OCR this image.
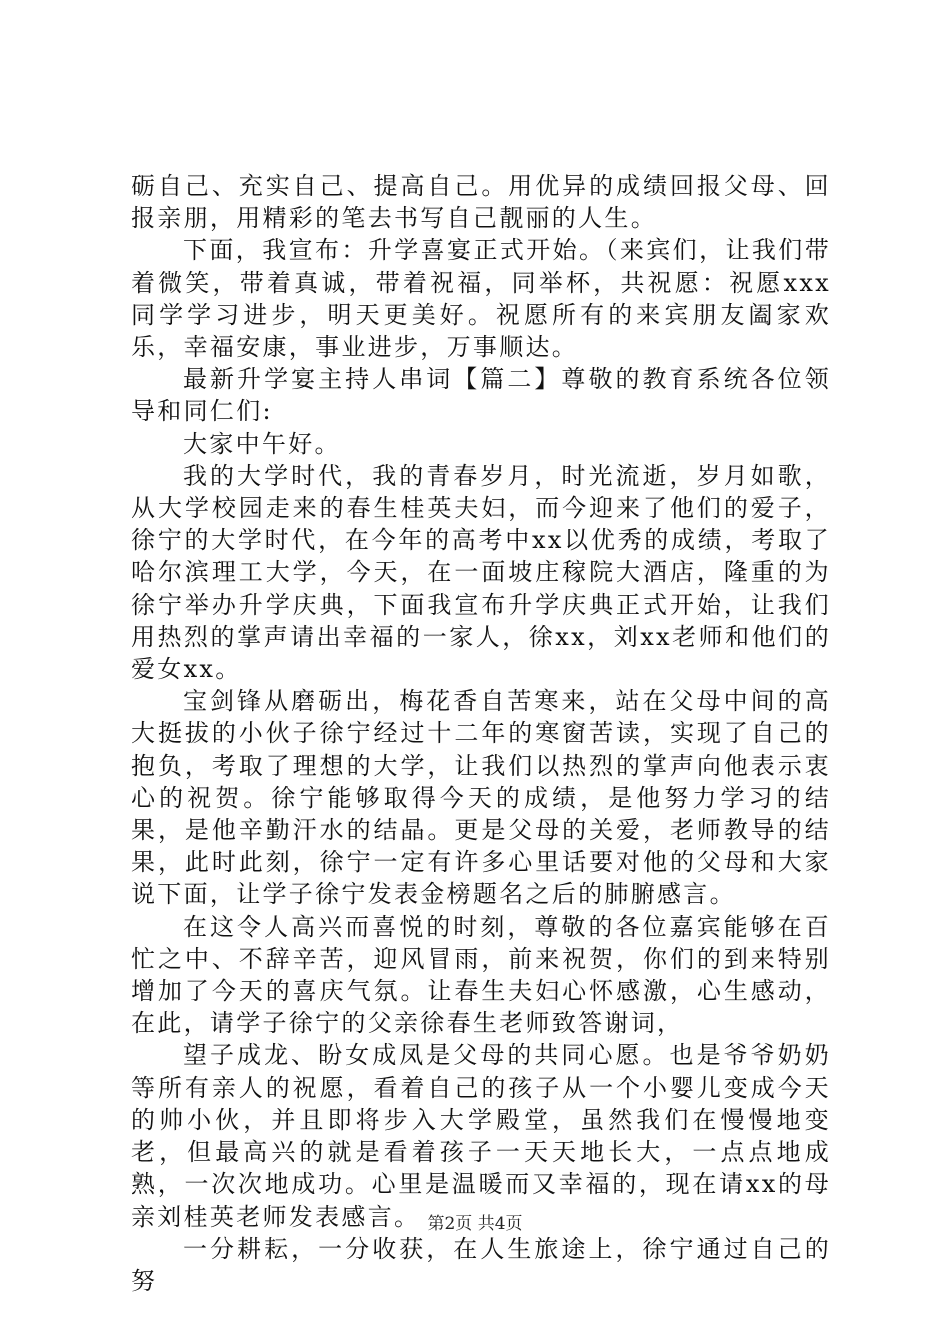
砺自己、充实自己、提高自己。用优异的成绩回报父母、回报亲朋，用精彩的笔去书写自己靓丽的人生。

下面，我宣布：升学喜宴正式开始。（来宾们，让我们带着微笑，带着真诚，带着祝福，同举杯，共祝愿：祝愿xxx同学学习进步，明天更美好。祝愿所有的来宾朋友阖家欢乐，幸福安康，事业进步，万事顺达。

最新升学宴主持人串词【篇二】尊敬的教育系统各位领导和同仁们:

大家中午好。

我的大学时代，我的青春岁月，时光流逝，岁月如歌，从大学校园走来的春生桂英夫妇，而今迎来了他们的爱子，徐宁的大学时代，在今年的高考中xx以优秀的成绩，考取了哈尔滨理工大学，今天，在一面坡庄稼院大酒店，隆重的为徐宁举办升学庆典，下面我宣布升学庆典正式开始，让我们用热烈的掌声请出幸福的一家人，徐xx，刘xx老师和他们的爱女xx。

宝剑锋从磨砺出，梅花香自苦寒来，站在父母中间的高大挺拔的小伙子徐宁经过十二年的寒窗苦读，实现了自己的抱负，考取了理想的大学，让我们以热烈的掌声向他表示衷心的祝贺。徐宁能够取得今天的成绩，是他努力学习的结果，是他辛勤汗水的结晶。更是父母的关爱，老师教导的结果，此时此刻，徐宁一定有许多心里话要对他的父母和大家说下面，让学子徐宁发表金榜题名之后的肺腑感言。

在这令人高兴而喜悦的时刻，尊敬的各位嘉宾能够在百忙之中、不辞辛苦，迎风冒雨，前来祝贺，你们的到来特别增加了今天的喜庆气氛。让春生夫妇心怀感激，心生感动，在此，请学子徐宁的父亲徐春生老师致答谢词，

望子成龙、盼女成凤是父母的共同心愿。也是爷爷奶奶等所有亲人的祝愿，看着自己的孩子从一个小婴儿变成今天的帅小伙，并且即将步入大学殿堂，虽然我们在慢慢地变老，但最高兴的就是看着孩子一天天地长大，一点点地成熟，一次次地成功。心里是温暖而又幸福的，现在请xx的母亲刘桂英老师发表感言。

一分耕耘，一分收获，在人生旅途上，徐宁通过自己的努

第2页 共4页
